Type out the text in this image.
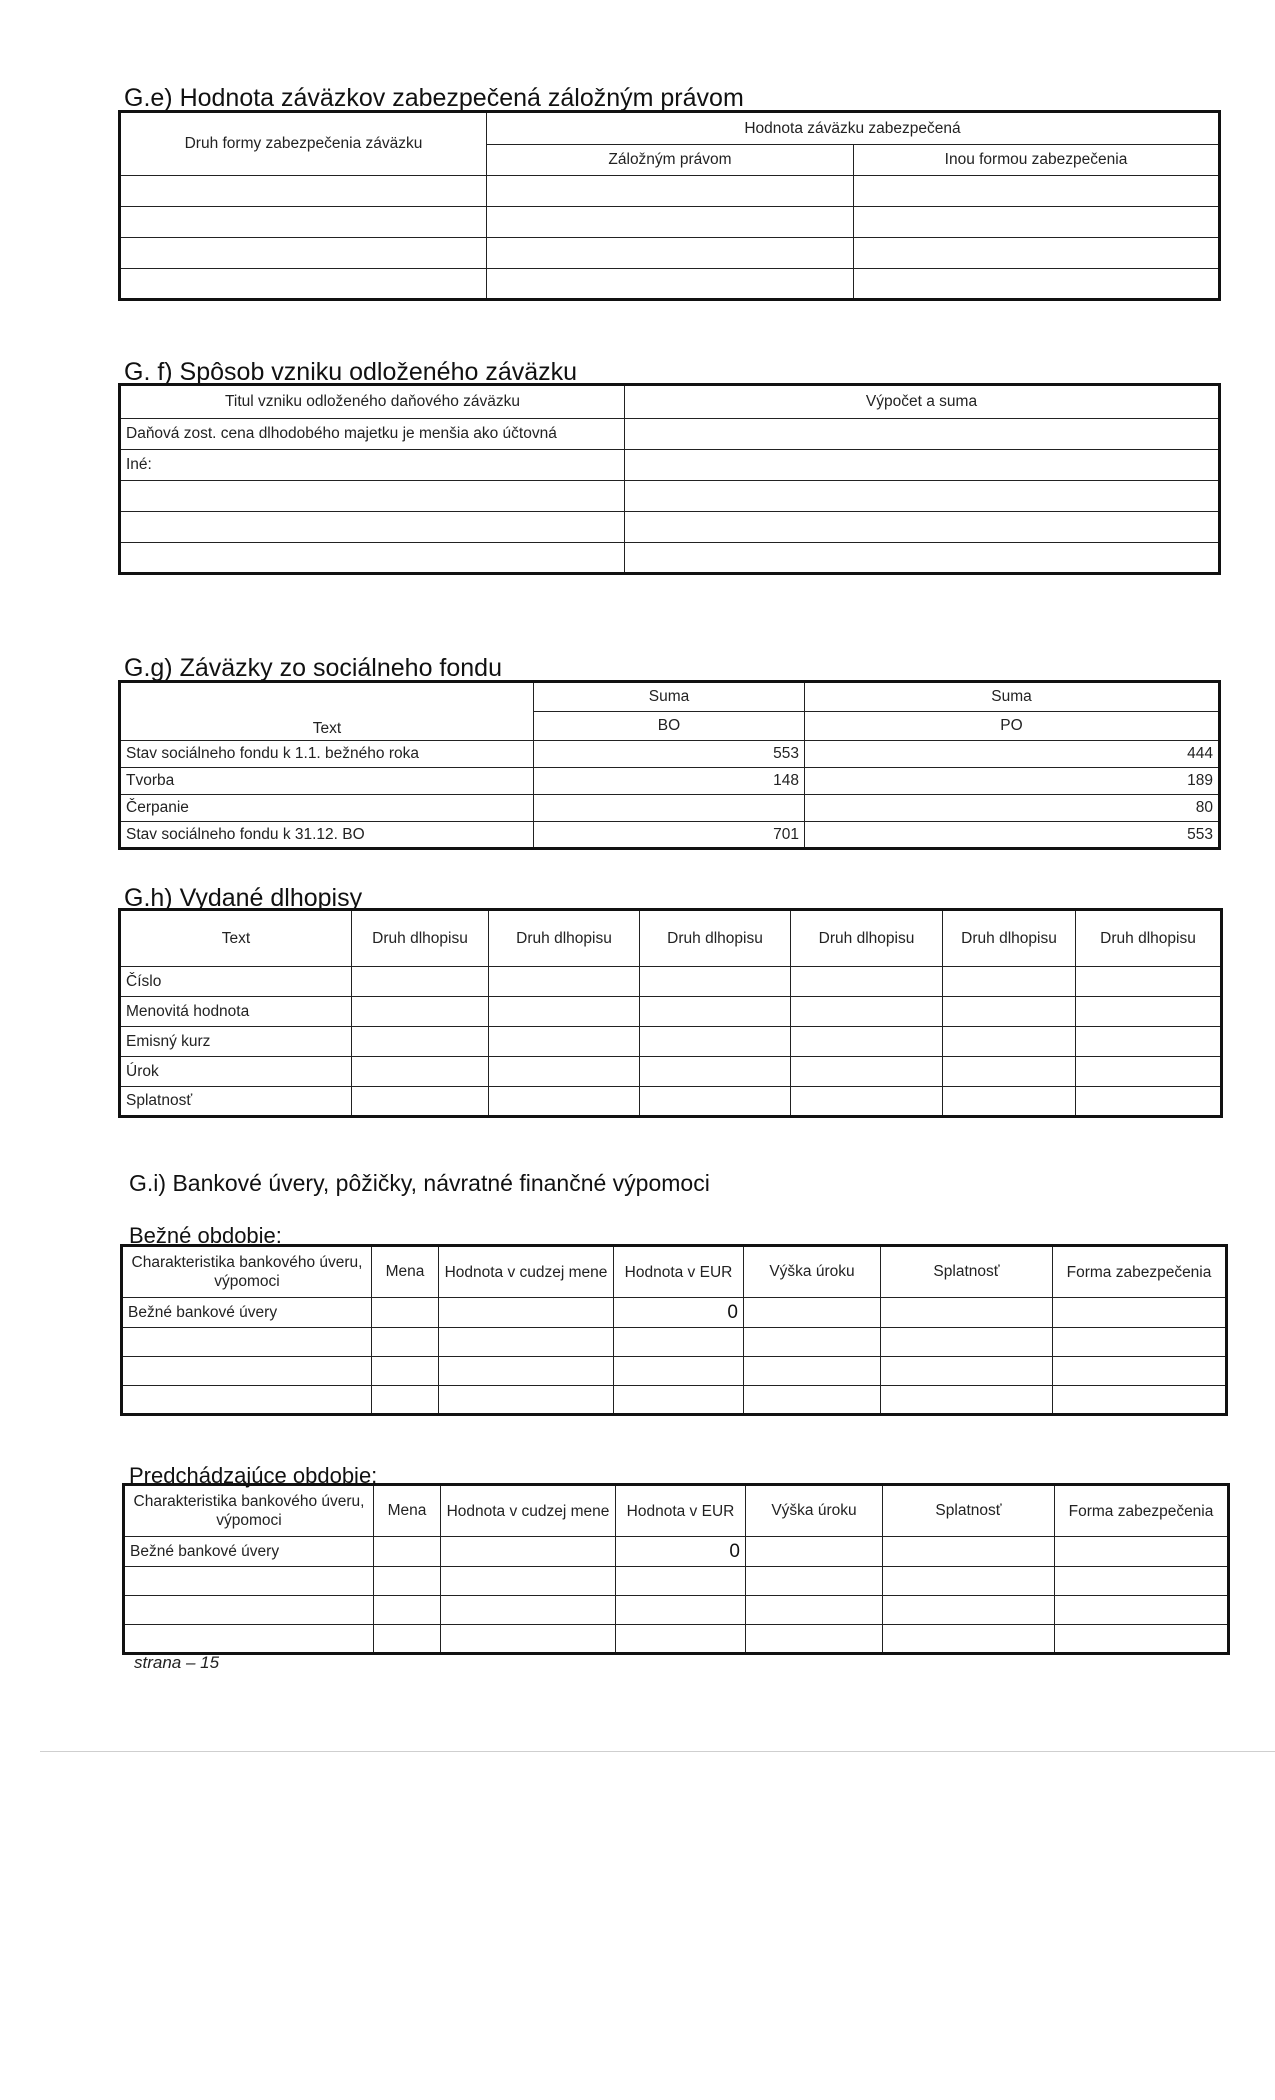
G.e) Hodnota záväzkov zabezpečená záložným právom
Druh formy zabezpečenia záväzku	Hodnota záväzku zabezpečená	
	Záložným právom	Inou formou zabezpečenia

G. f) Spôsob vzniku odloženého záväzku
Titul vzniku odloženého daňového záväzku	Výpočet a suma
Daňová zost. cena dlhodobého majetku je menšia ako účtovná	
Iné:	

G.g) Záväzky zo sociálneho fondu
Text	Suma	Suma
	BO	PO
Stav sociálneho fondu k 1.1. bežného roka	553	444
Tvorba	148	189
Čerpanie		80
Stav sociálneho fondu k 31.12. BO	701	553
G.h) Vydané dlhopisy
Text	Druh dlhopisu	Druh dlhopisu	Druh dlhopisu	Druh dlhopisu	Druh dlhopisu	Druh dlhopisu
Číslo						
Menovitá hodnota						
Emisný kurz						
Úrok						
Splatnosť						
G.i) Bankové úvery, pôžičky, návratné finančné výpomoci
Bežné obdobie:
Charakteristika bankového úveru, výpomoci	Mena	Hodnota v cudzej mene	Hodnota v EUR	Výška úroku	Splatnosť	Forma zabezpečenia
Bežné bankové úvery			0			

Predchádzajúce obdobie:
Charakteristika bankového úveru, výpomoci	Mena	Hodnota v cudzej mene	Hodnota v EUR	Výška úroku	Splatnosť	Forma zabezpečenia
Bežné bankové úvery			0			

strana – 15
